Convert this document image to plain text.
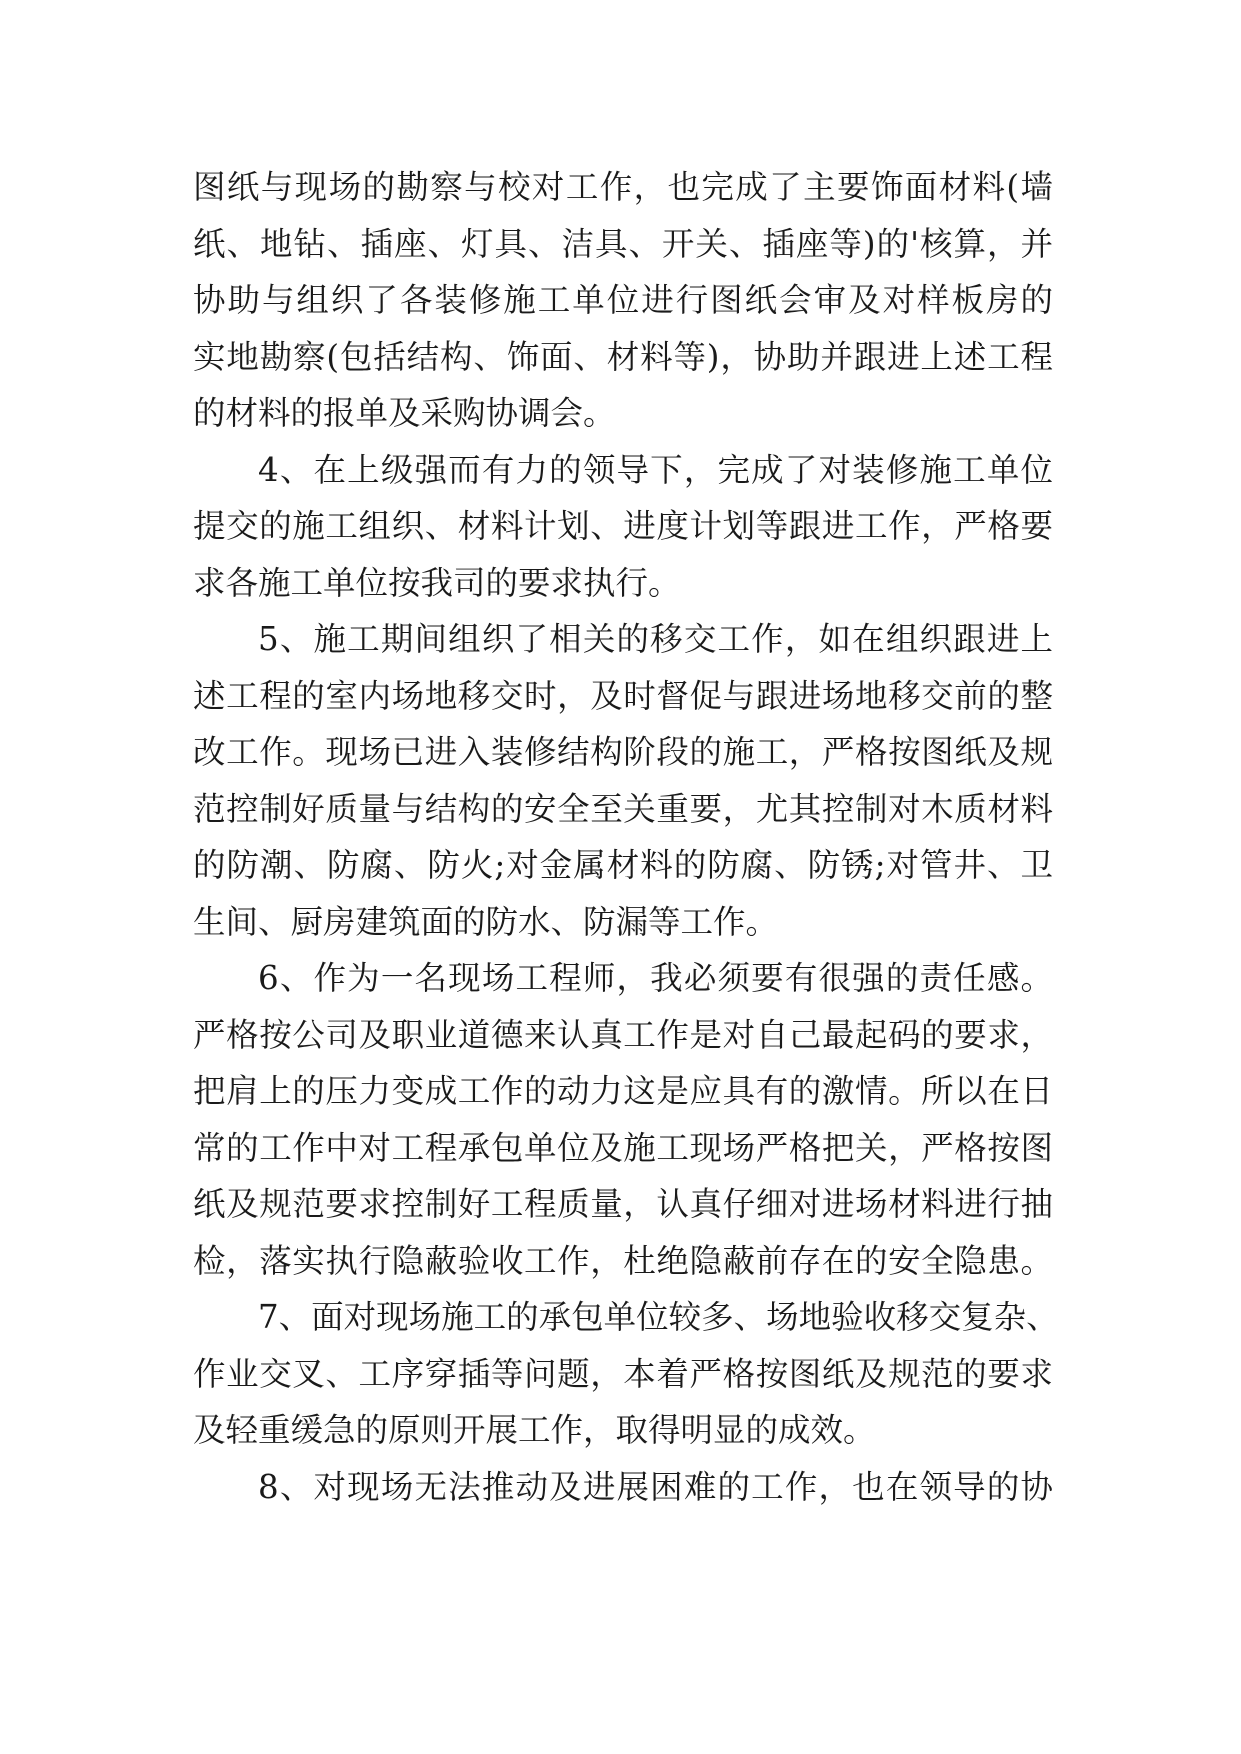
图纸与现场的勘察与校对工作，也完成了主要饰面材料(墙
纸、地钻、插座、灯具、洁具、开关、插座等)的'核算，并
协助与组织了各装修施工单位进行图纸会审及对样板房的
实地勘察(包括结构、饰面、材料等)，协助并跟进上述工程
的材料的报单及采购协调会。
4、在上级强而有力的领导下，完成了对装修施工单位
提交的施工组织、材料计划、进度计划等跟进工作，严格要
求各施工单位按我司的要求执行。
5、施工期间组织了相关的移交工作，如在组织跟进上
述工程的室内场地移交时，及时督促与跟进场地移交前的整
改工作。现场已进入装修结构阶段的施工，严格按图纸及规
范控制好质量与结构的安全至关重要，尤其控制对木质材料
的防潮、防腐、防火;对金属材料的防腐、防锈;对管井、卫
生间、厨房建筑面的防水、防漏等工作。
6、作为一名现场工程师，我必须要有很强的责任感。
严格按公司及职业道德来认真工作是对自己最起码的要求，
把肩上的压力变成工作的动力这是应具有的激情。所以在日
常的工作中对工程承包单位及施工现场严格把关，严格按图
纸及规范要求控制好工程质量，认真仔细对进场材料进行抽
检，落实执行隐蔽验收工作，杜绝隐蔽前存在的安全隐患。
7、面对现场施工的承包单位较多、场地验收移交复杂、
作业交叉、工序穿插等问题，本着严格按图纸及规范的要求
及轻重缓急的原则开展工作，取得明显的成效。
8、对现场无法推动及进展困难的工作，也在领导的协
